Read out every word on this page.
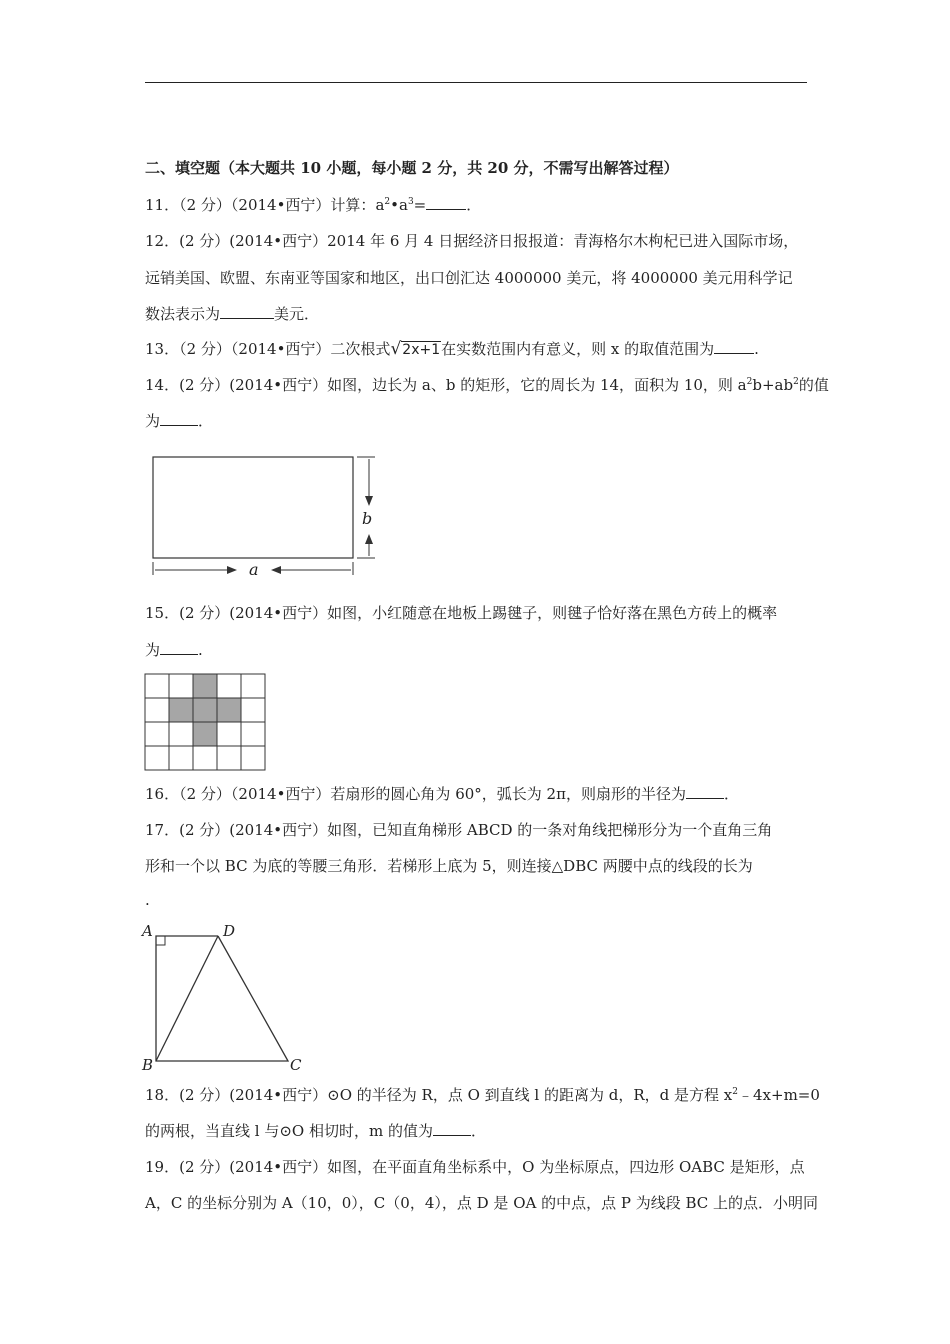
二、填空题（本大题共 10 小题，每小题 2 分，共 20 分，不需写出解答过程）
11．（2 分）（2014•西宁）计算：$a^2•a^3=$	．
12．(2 分）(2014•西宁）2014 年 6 月 4 日据经济日报报道：青海格尔木枸杞已进入国际市场，
远销美国、欧盟、东南亚等国家和地区，出口创汇达 4000000 美元，将 4000000 美元用科学记
数法表示为	美元．
13．（2 分）（2014•西宁）二次根式√2x+1在实数范围内有意义，则 x 的取值范围为	.
14．(2 分）(2014•西宁）如图，边长为 a、b 的矩形，它的周长为 14，面积为 10，则 $a^2b+ab^2$的值
为	．
a
b
15．(2 分）(2014•西宁）如图，小红随意在地板上踢毽子，则毽子恰好落在黑色方砖上的概率
为	.
16．（2 分）（2014•西宁）若扇形的圆心角为 60°，弧长为 2π，则扇形的半径为	．
17．(2 分）(2014•西宁）如图，已知直角梯形 ABCD 的一条对角线把梯形分为一个直角三角
形和一个以 BC 为底的等腰三角形．若梯形上底为 5，则连接△DBC 两腰中点的线段的长为
.
A	D
B	C
18．(2 分）(2014•西宁）⊙O 的半径为 R，点 O 到直线 l 的距离为 d，R，d 是方程 $x^2﹣4x+m=0$
的两根，当直线 l 与⊙O 相切时，m 的值为	．
19．(2 分）(2014•西宁）如图，在平面直角坐标系中，O 为坐标原点，四边形 OABC 是矩形，点
A，C 的坐标分别为 A（10，0），C（0，4），点 D 是 OA 的中点，点 P 为线段 BC 上的点．小明同
